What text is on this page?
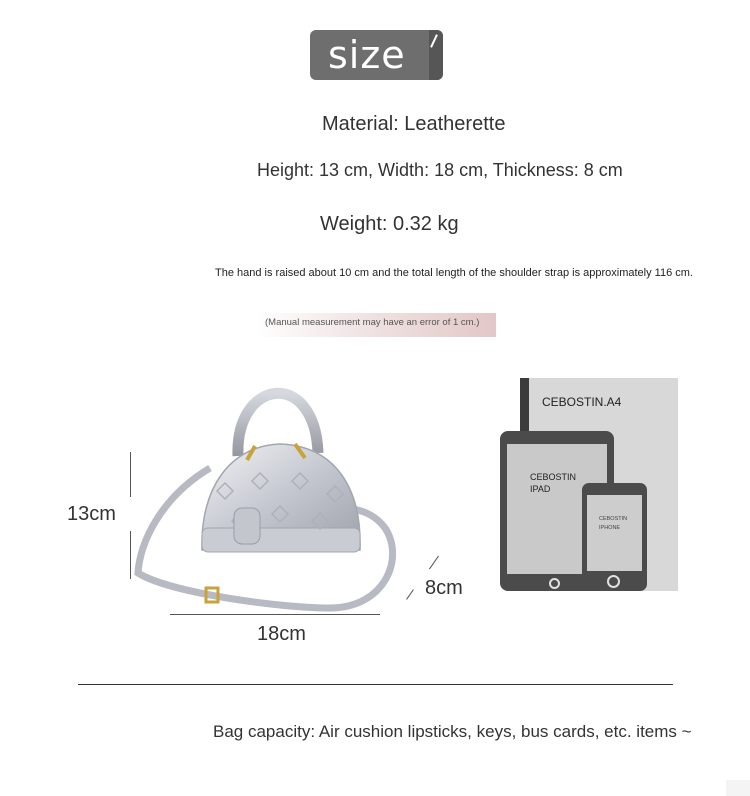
size
Material: Leatherette
Height: 13 cm, Width: 18 cm, Thickness: 8 cm
Weight: 0.32 kg
The hand is raised about 10 cm and the total length of the shoulder strap is approximately 116 cm.
(Manual measurement may have an error of 1 cm.)
13cm
18cm
8cm
CEBOSTIN.A4
CEBOSTIN
IPAD
CEBOSTIN
IPHONE
Bag capacity: Air cushion lipsticks, keys, bus cards, etc. items ~
